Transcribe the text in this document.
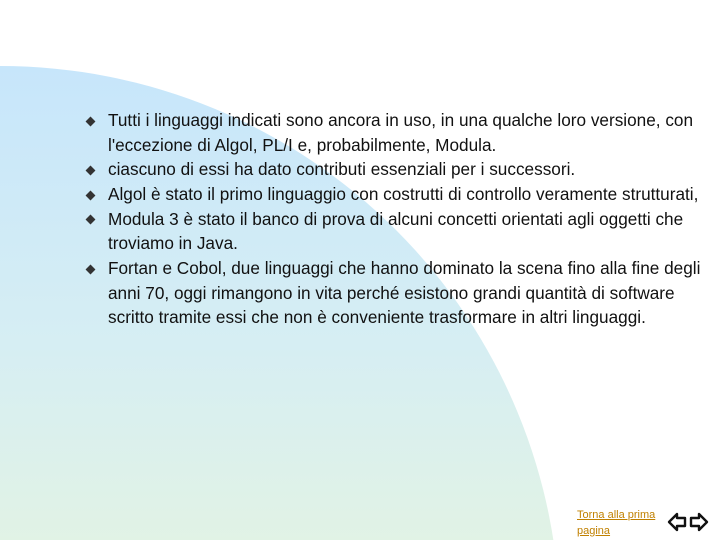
Tutti i linguaggi indicati sono ancora in uso, in una qualche loro versione, con l'eccezione di Algol, PL/I e, probabilmente, Modula.
ciascuno di essi ha dato contributi essenziali per i successori.
Algol è stato il primo linguaggio con costrutti di controllo veramente strutturati,
Modula 3 è stato il banco di prova di alcuni concetti orientati agli oggetti che troviamo in Java.
Fortan e Cobol, due linguaggi che hanno dominato la scena fino alla fine degli anni 70, oggi rimangono in vita perché esistono grandi quantità di software scritto tramite essi che non è conveniente trasformare in altri linguaggi.
Torna alla prima pagina
